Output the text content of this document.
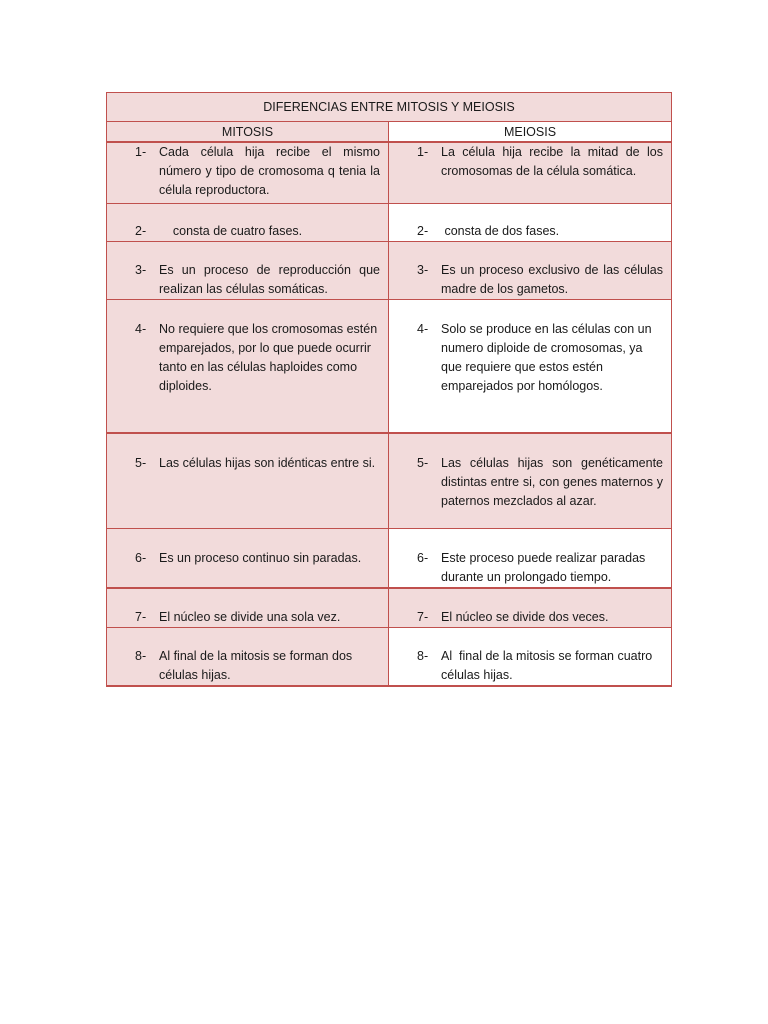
DIFERENCIAS ENTRE MITOSIS Y MEIOSIS	
MITOSIS	MEIOSIS

1- Cada célula hija recibe el mismo número y tipo de cromosoma q tenia la célula reproductora.	1- La célula hija recibe la mitad de los cromosomas de la célula somática.

2- consta de cuatro fases.	2- consta de dos fases.

3- Es un proceso de reproducción que realizan las células somáticas.	3- Es un proceso exclusivo de las células madre de los gametos.

4- No requiere que los cromosomas estén emparejados, por lo que puede ocurrir tanto en las células haploides como diploides.	4- Solo se produce en las células con un numero diploide de cromosomas, ya que requiere que estos estén emparejados por homólogos.

5- Las células hijas son idénticas entre si.	5- Las células hijas son genéticamente distintas entre si, con genes maternos y paternos mezclados al azar.

6- Es un proceso continuo sin paradas.	6- Este proceso puede realizar paradas durante un prolongado tiempo.

7- El núcleo se divide una sola vez.	7- El núcleo se divide dos veces.

8- Al final de la mitosis se forman dos células hijas.	8- Al  final de la mitosis se forman cuatro células hijas.
